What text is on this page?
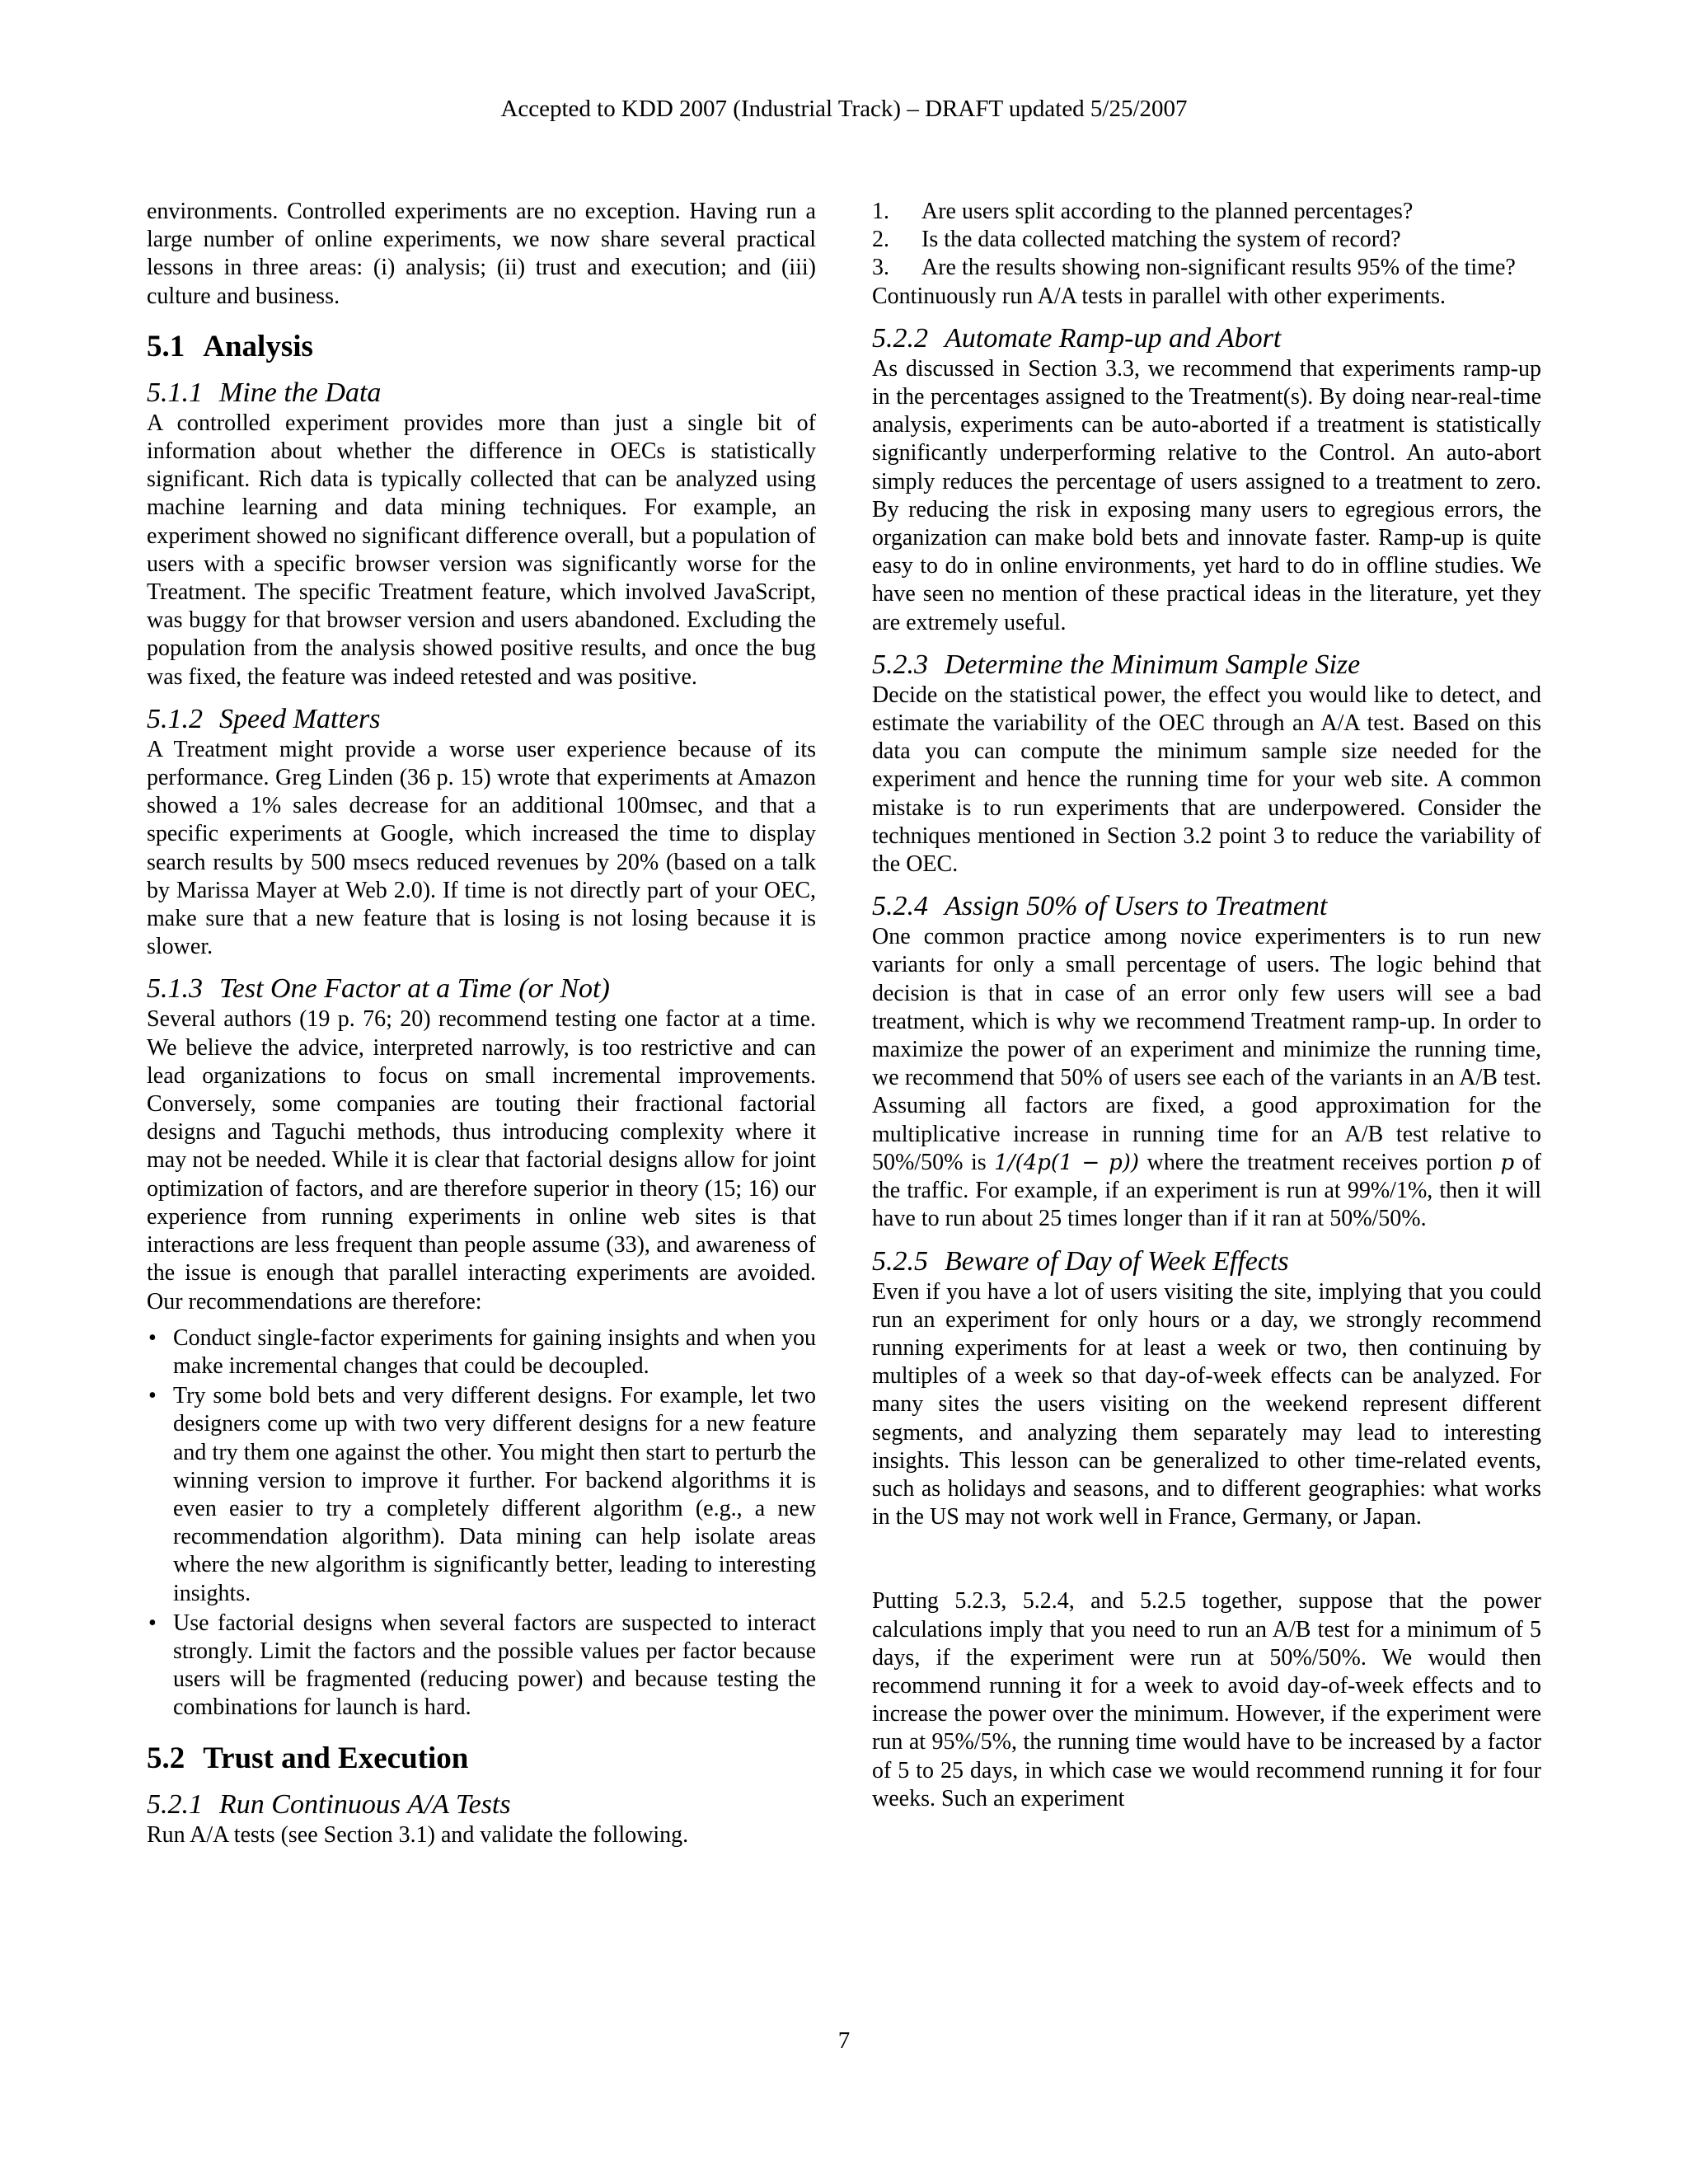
Accepted to KDD 2007 (Industrial Track) – DRAFT updated 5/25/2007

environments. Controlled experiments are no exception. Having run a large number of online experiments, we now share several practical lessons in three areas: (i) analysis; (ii) trust and execution; and (iii) culture and business.

5.1 Analysis
5.1.1 Mine the Data

A controlled experiment provides more than just a single bit of information about whether the difference in OECs is statistically significant. Rich data is typically collected that can be analyzed using machine learning and data mining techniques. For example, an experiment showed no significant difference overall, but a population of users with a specific browser version was significantly worse for the Treatment. The specific Treatment feature, which involved JavaScript, was buggy for that browser version and users abandoned. Excluding the population from the analysis showed positive results, and once the bug was fixed, the feature was indeed retested and was positive.

5.1.2 Speed Matters

A Treatment might provide a worse user experience because of its performance. Greg Linden (36 p. 15) wrote that experiments at Amazon showed a 1% sales decrease for an additional 100msec, and that a specific experiments at Google, which increased the time to display search results by 500 msecs reduced revenues by 20% (based on a talk by Marissa Mayer at Web 2.0). If time is not directly part of your OEC, make sure that a new feature that is losing is not losing because it is slower.

5.1.3 Test One Factor at a Time (or Not)

Several authors (19 p. 76; 20) recommend testing one factor at a time. We believe the advice, interpreted narrowly, is too restrictive and can lead organizations to focus on small incremental improvements. Conversely, some companies are touting their fractional factorial designs and Taguchi methods, thus introducing complexity where it may not be needed. While it is clear that factorial designs allow for joint optimization of factors, and are therefore superior in theory (15; 16) our experience from running experiments in online web sites is that interactions are less frequent than people assume (33), and awareness of the issue is enough that parallel interacting experiments are avoided. Our recommendations are therefore:

• Conduct single-factor experiments for gaining insights and when you make incremental changes that could be decoupled.
• Try some bold bets and very different designs. For example, let two designers come up with two very different designs for a new feature and try them one against the other. You might then start to perturb the winning version to improve it further. For backend algorithms it is even easier to try a completely different algorithm (e.g., a new recommendation algorithm). Data mining can help isolate areas where the new algorithm is significantly better, leading to interesting insights.
• Use factorial designs when several factors are suspected to interact strongly. Limit the factors and the possible values per factor because users will be fragmented (reducing power) and because testing the combinations for launch is hard.
5.2 Trust and Execution
5.2.1 Run Continuous A/A Tests

Run A/A tests (see Section 3.1) and validate the following.

1. Are users split according to the planned percentages?
2. Is the data collected matching the system of record?
3. Are the results showing non-significant results 95% of the time?

Continuously run A/A tests in parallel with other experiments.

5.2.2 Automate Ramp-up and Abort

As discussed in Section 3.3, we recommend that experiments ramp-up in the percentages assigned to the Treatment(s). By doing near-real-time analysis, experiments can be auto-aborted if a treatment is statistically significantly underperforming relative to the Control. An auto-abort simply reduces the percentage of users assigned to a treatment to zero. By reducing the risk in exposing many users to egregious errors, the organization can make bold bets and innovate faster. Ramp-up is quite easy to do in online environments, yet hard to do in offline studies. We have seen no mention of these practical ideas in the literature, yet they are extremely useful.

5.2.3 Determine the Minimum Sample Size

Decide on the statistical power, the effect you would like to detect, and estimate the variability of the OEC through an A/A test. Based on this data you can compute the minimum sample size needed for the experiment and hence the running time for your web site. A common mistake is to run experiments that are underpowered. Consider the techniques mentioned in Section 3.2 point 3 to reduce the variability of the OEC.

5.2.4 Assign 50% of Users to Treatment

One common practice among novice experimenters is to run new variants for only a small percentage of users. The logic behind that decision is that in case of an error only few users will see a bad treatment, which is why we recommend Treatment ramp-up. In order to maximize the power of an experiment and minimize the running time, we recommend that 50% of users see each of the variants in an A/B test. Assuming all factors are fixed, a good approximation for the multiplicative increase in running time for an A/B test relative to 50%/50% is 1/(4p(1 − p)) where the treatment receives portion p of the traffic. For example, if an experiment is run at 99%/1%, then it will have to run about 25 times longer than if it ran at 50%/50%.

5.2.5 Beware of Day of Week Effects

Even if you have a lot of users visiting the site, implying that you could run an experiment for only hours or a day, we strongly recommend running experiments for at least a week or two, then continuing by multiples of a week so that day-of-week effects can be analyzed. For many sites the users visiting on the weekend represent different segments, and analyzing them separately may lead to interesting insights. This lesson can be generalized to other time-related events, such as holidays and seasons, and to different geographies: what works in the US may not work well in France, Germany, or Japan.

Putting 5.2.3, 5.2.4, and 5.2.5 together, suppose that the power calculations imply that you need to run an A/B test for a minimum of 5 days, if the experiment were run at 50%/50%. We would then recommend running it for a week to avoid day-of-week effects and to increase the power over the minimum. However, if the experiment were run at 95%/5%, the running time would have to be increased by a factor of 5 to 25 days, in which case we would recommend running it for four weeks. Such an experiment

7
